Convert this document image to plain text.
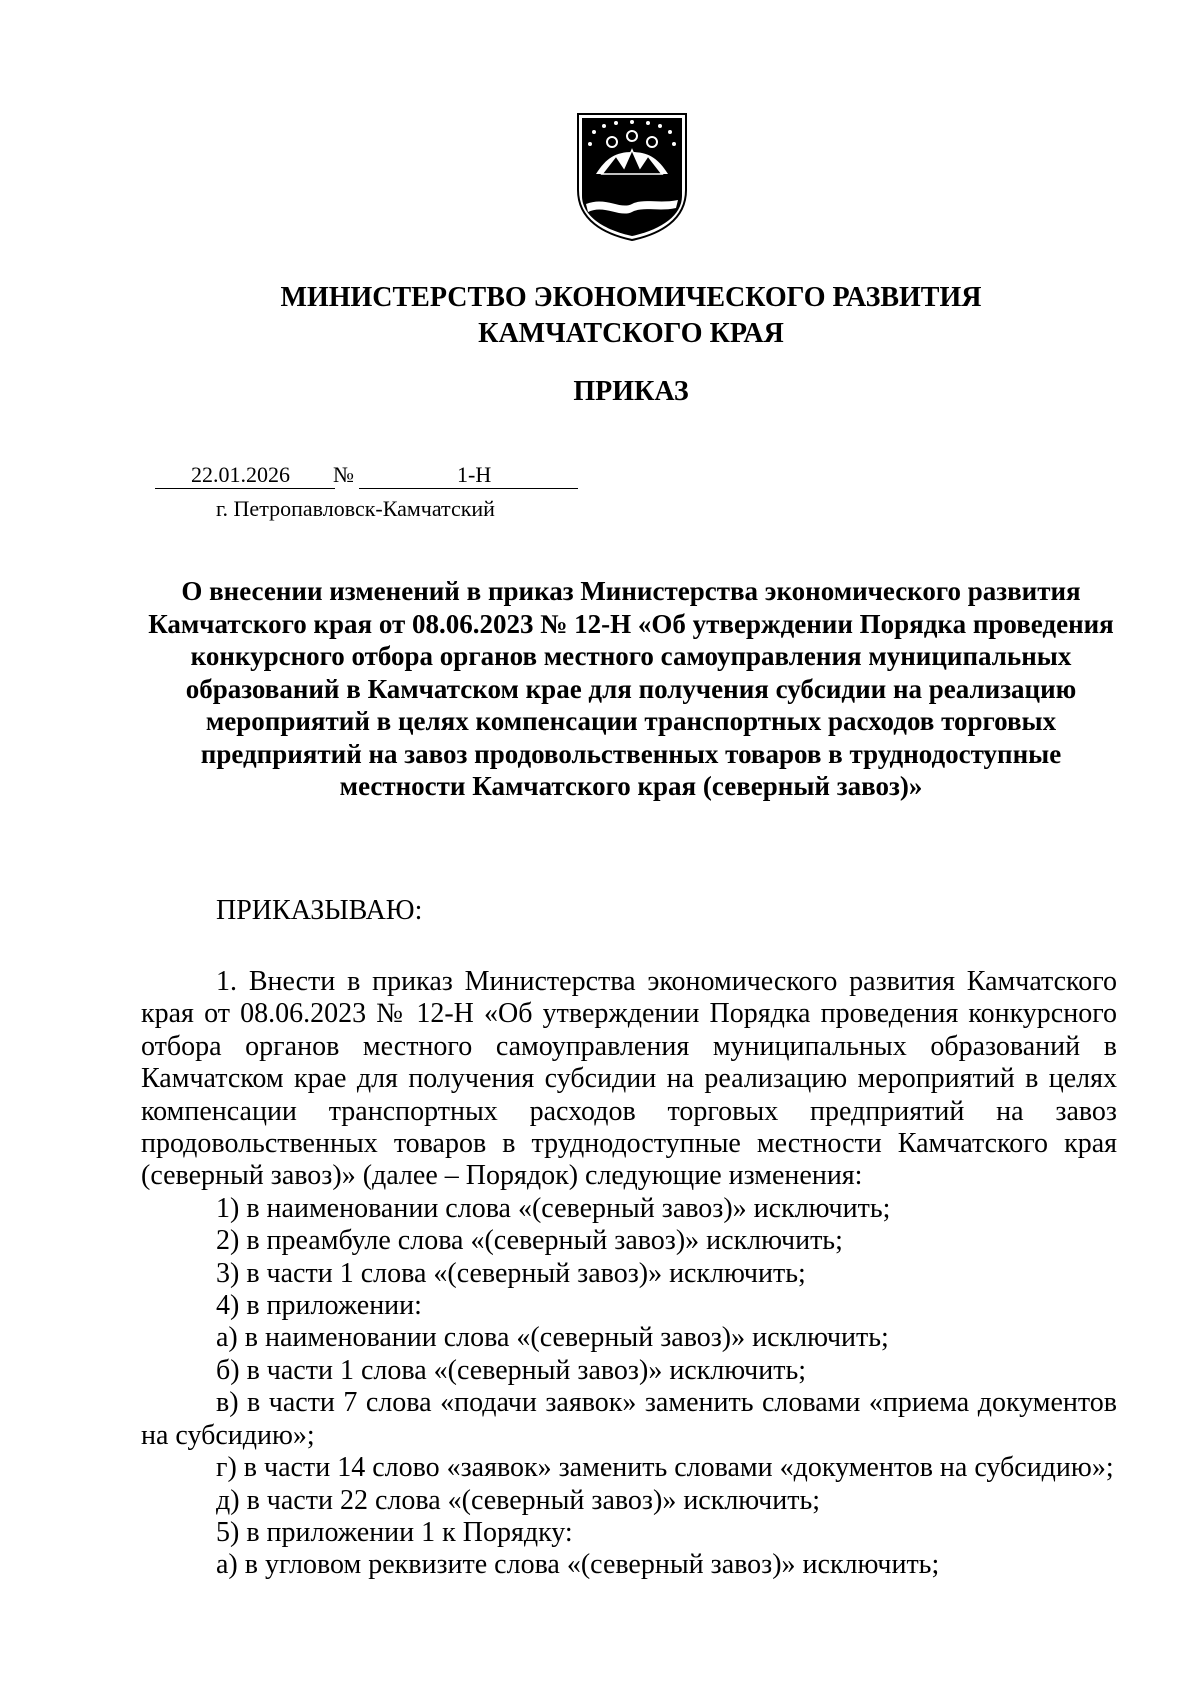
МИНИСТЕРСТВО ЭКОНОМИЧЕСКОГО РАЗВИТИЯ
КАМЧАТСКОГО КРАЯ
ПРИКАЗ
22.01.2026 №	1-Н
г. Петропавловск-Камчатский
О внесении изменений в приказ Министерства экономического развития Камчатского края от 08.06.2023 № 12-Н «Об утверждении Порядка проведения конкурсного отбора органов местного самоуправления муниципальных образований в Камчатском крае для получения субсидии на реализацию мероприятий в целях компенсации транспортных расходов торговых предприятий на завоз продовольственных товаров в труднодоступные местности Камчатского края (северный завоз)»
ПРИКАЗЫВАЮ:

1. Внести в приказ Министерства экономического развития Камчатского края от 08.06.2023 № 12-Н «Об утверждении Порядка проведения конкурсного отбора органов местного самоуправления муниципальных образований в Камчатском крае для получения субсидии на реализацию мероприятий в целях компенсации транспортных расходов торговых предприятий на завоз продовольственных товаров в труднодоступные местности Камчатского края (северный завоз)» (далее – Порядок) следующие изменения:

1) в наименовании слова «(северный завоз)» исключить;

2) в преамбуле слова «(северный завоз)» исключить;

3) в части 1 слова «(северный завоз)» исключить;

4) в приложении:

а) в наименовании слова «(северный завоз)» исключить;

б) в части 1 слова «(северный завоз)» исключить;

в) в части 7 слова «подачи заявок» заменить словами «приема документов на субсидию»;

г) в части 14 слово «заявок» заменить словами «документов на субсидию»;

д) в части 22 слова «(северный завоз)» исключить;

5) в приложении 1 к Порядку:

а) в угловом реквизите слова «(северный завоз)» исключить;
